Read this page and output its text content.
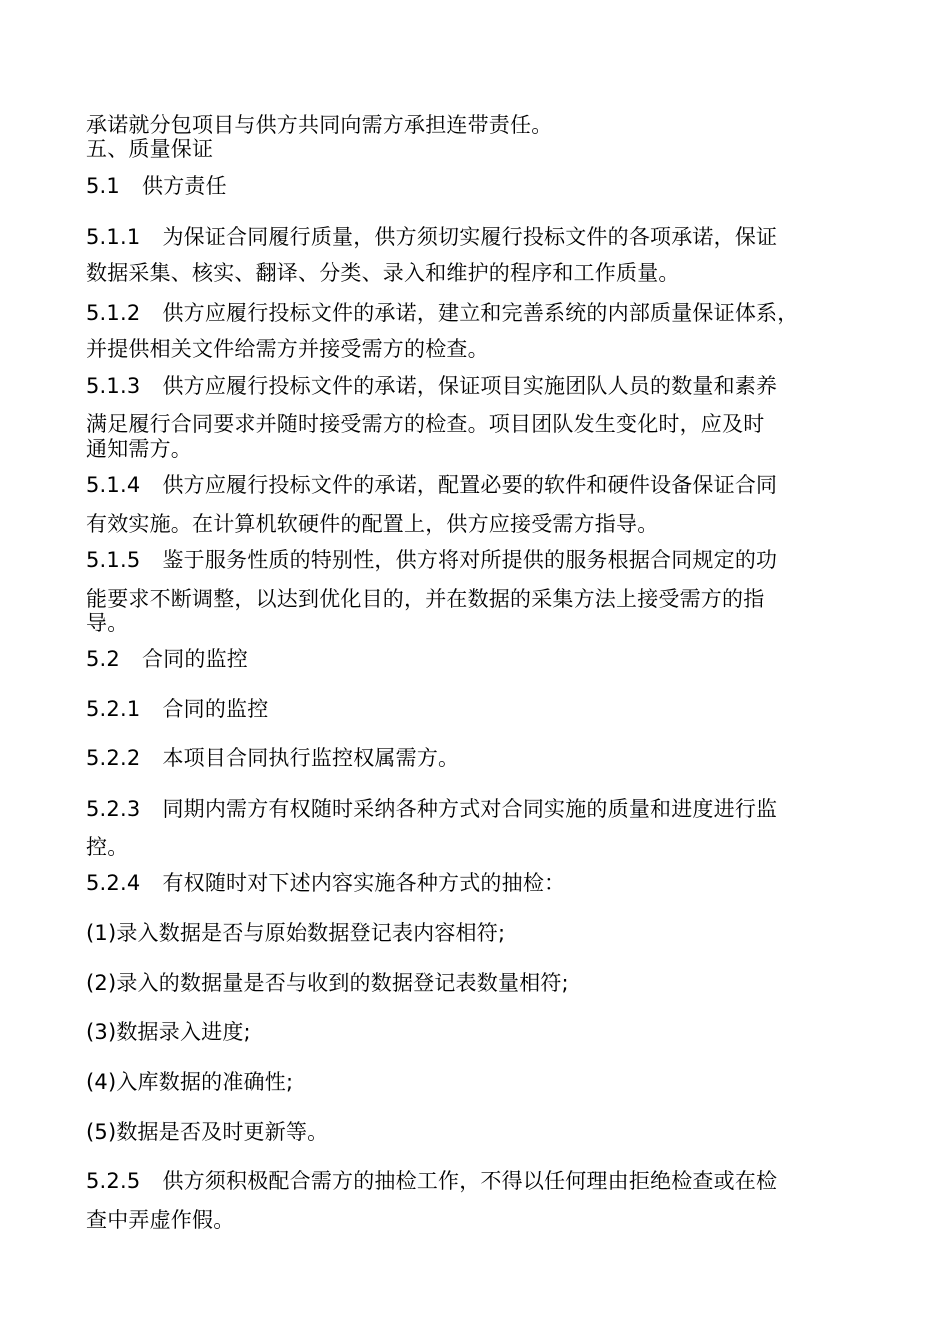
承诺就分包项目与供方共同向需方承担连带责任。
五、质量保证
5.1 供方责任
5.1.1 为保证合同履行质量，供方须切实履行投标文件的各项承诺，保证
数据采集、核实、翻译、分类、录入和维护的程序和工作质量。
5.1.2 供方应履行投标文件的承诺，建立和完善系统的内部质量保证体系，
并提供相关文件给需方并接受需方的检查。
5.1.3 供方应履行投标文件的承诺，保证项目实施团队人员的数量和素养
满足履行合同要求并随时接受需方的检查。项目团队发生变化时，应及时
通知需方。
5.1.4 供方应履行投标文件的承诺，配置必要的软件和硬件设备保证合同
有效实施。在计算机软硬件的配置上，供方应接受需方指导。
5.1.5 鉴于服务性质的特别性，供方将对所提供的服务根据合同规定的功
能要求不断调整，以达到优化目的，并在数据的采集方法上接受需方的指
导。
5.2 合同的监控
5.2.1 合同的监控
5.2.2 本项目合同执行监控权属需方。
5.2.3 同期内需方有权随时采纳各种方式对合同实施的质量和进度进行监
控。
5.2.4 有权随时对下述内容实施各种方式的抽检：
(1)录入数据是否与原始数据登记表内容相符;
(2)录入的数据量是否与收到的数据登记表数量相符;
(3)数据录入进度;
(4)入库数据的准确性;
(5)数据是否及时更新等。
5.2.5 供方须积极配合需方的抽检工作，不得以任何理由拒绝检查或在检
查中弄虚作假。
